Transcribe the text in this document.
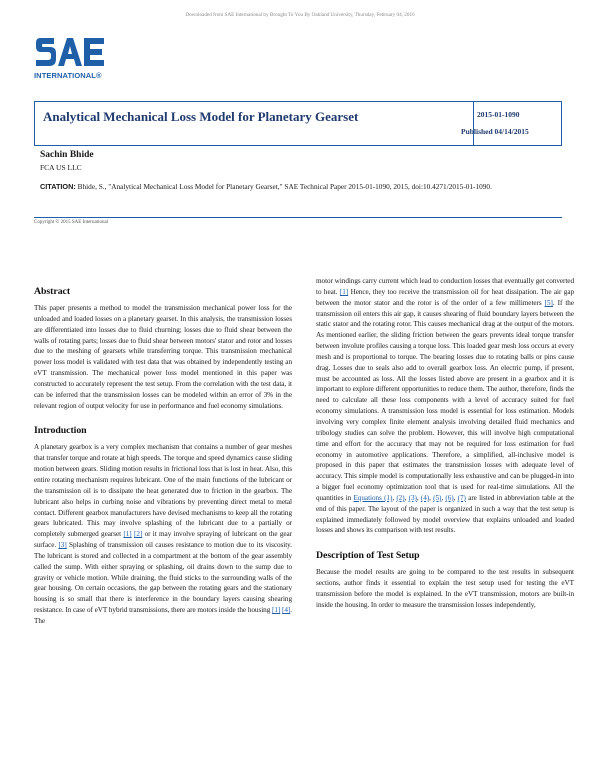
Downloaded from SAE International by Brought To You By Oakland University, Thursday, February 04, 2016
INTERNATIONAL®
Analytical Mechanical Loss Model for Planetary Gearset	2015-01-1090
Published 04/14/2015
Sachin Bhide
FCA US LLC
CITATION: Bhide, S., "Analytical Mechanical Loss Model for Planetary Gearset," SAE Technical Paper 2015-01-1090, 2015, doi:10.4271/2015-01-1090.
Copyright © 2015 SAE International
Abstract

This paper presents a method to model the transmission mechanical power loss for the unloaded and loaded losses on a planetary gearset. In this analysis, the transmission losses are differentiated into losses due to fluid churning; losses due to fluid shear between the walls of rotating parts; losses due to fluid shear between motors' stator and rotor and losses due to the meshing of gearsets while transferring torque. This transmission mechanical power loss model is validated with test data that was obtained by independently testing an eVT transmission. The mechanical power loss model mentioned in this paper was constructed to accurately represent the test setup. From the correlation with the test data, it can be inferred that the transmission losses can be modeled within an error of 3% in the relevant region of output velocity for use in performance and fuel economy simulations.

Introduction

A planetary gearbox is a very complex mechanism that contains a number of gear meshes that transfer torque and rotate at high speeds. The torque and speed dynamics cause sliding motion between gears. Sliding motion results in frictional loss that is lost in heat. Also, this entire rotating mechanism requires lubricant. One of the main functions of the lubricant or the transmission oil is to dissipate the heat generated due to friction in the gearbox. The lubricant also helps in curbing noise and vibrations by preventing direct metal to metal contact. Different gearbox manufacturers have devised mechanisms to keep all the rotating gears lubricated. This may involve splashing of the lubricant due to a partially or completely submerged gearset [1] [2] or it may involve spraying of lubricant on the gear surface. [3] Splashing of transmission oil causes resistance to motion due to its viscosity. The lubricant is stored and collected in a compartment at the bottom of the gear assembly called the sump. With either spraying or splashing, oil drains down to the sump due to gravity or vehicle motion. While draining, the fluid sticks to the surrounding walls of the gear housing. On certain occasions, the gap between the rotating gears and the stationary housing is so small that there is interference in the boundary layers causing shearing resistance. In case of eVT hybrid transmissions, there are motors inside the housing [1] [4]. The

motor windings carry current which lead to conduction losses that eventually get converted to heat. [1] Hence, they too receive the transmission oil for heat dissipation. The air gap between the motor stator and the rotor is of the order of a few millimeters [5]. If the transmission oil enters this air gap, it causes shearing of fluid boundary layers between the static stator and the rotating rotor. This causes mechanical drag at the output of the motors. As mentioned earlier, the sliding friction between the gears prevents ideal torque transfer between involute profiles causing a torque loss. This loaded gear mesh loss occurs at every mesh and is proportional to torque. The bearing losses due to rotating balls or pins cause drag. Losses due to seals also add to overall gearbox loss. An electric pump, if present, must be accounted as loss. All the losses listed above are present in a gearbox and it is important to explore different opportunities to reduce them. The author, therefore, finds the need to calculate all these loss components with a level of accuracy suited for fuel economy simulations. A transmission loss model is essential for loss estimation. Models involving very complex finite element analysis involving detailed fluid mechanics and tribology studies can solve the problem. However, this will involve high computational time and effort for the accuracy that may not be required for loss estimation for fuel economy in automotive applications. Therefore, a simplified, all-inclusive model is proposed in this paper that estimates the transmission losses with adequate level of accuracy. This simple model is computationally less exhaustive and can be plugged-in into a bigger fuel economy optimization tool that is used for real-time simulations. All the quantities in Equations (1), (2), (3), (4), (5), (6), (7) are listed in abbreviation table at the end of this paper. The layout of the paper is organized in such a way that the test setup is explained immediately followed by model overview that explains unloaded and loaded losses and shows its comparison with test results.

Description of Test Setup

Because the model results are going to be compared to the test results in subsequent sections, author finds it essential to explain the test setup used for testing the eVT transmission before the model is explained. In the eVT transmission, motors are built-in inside the housing. In order to measure the transmission losses independently,
